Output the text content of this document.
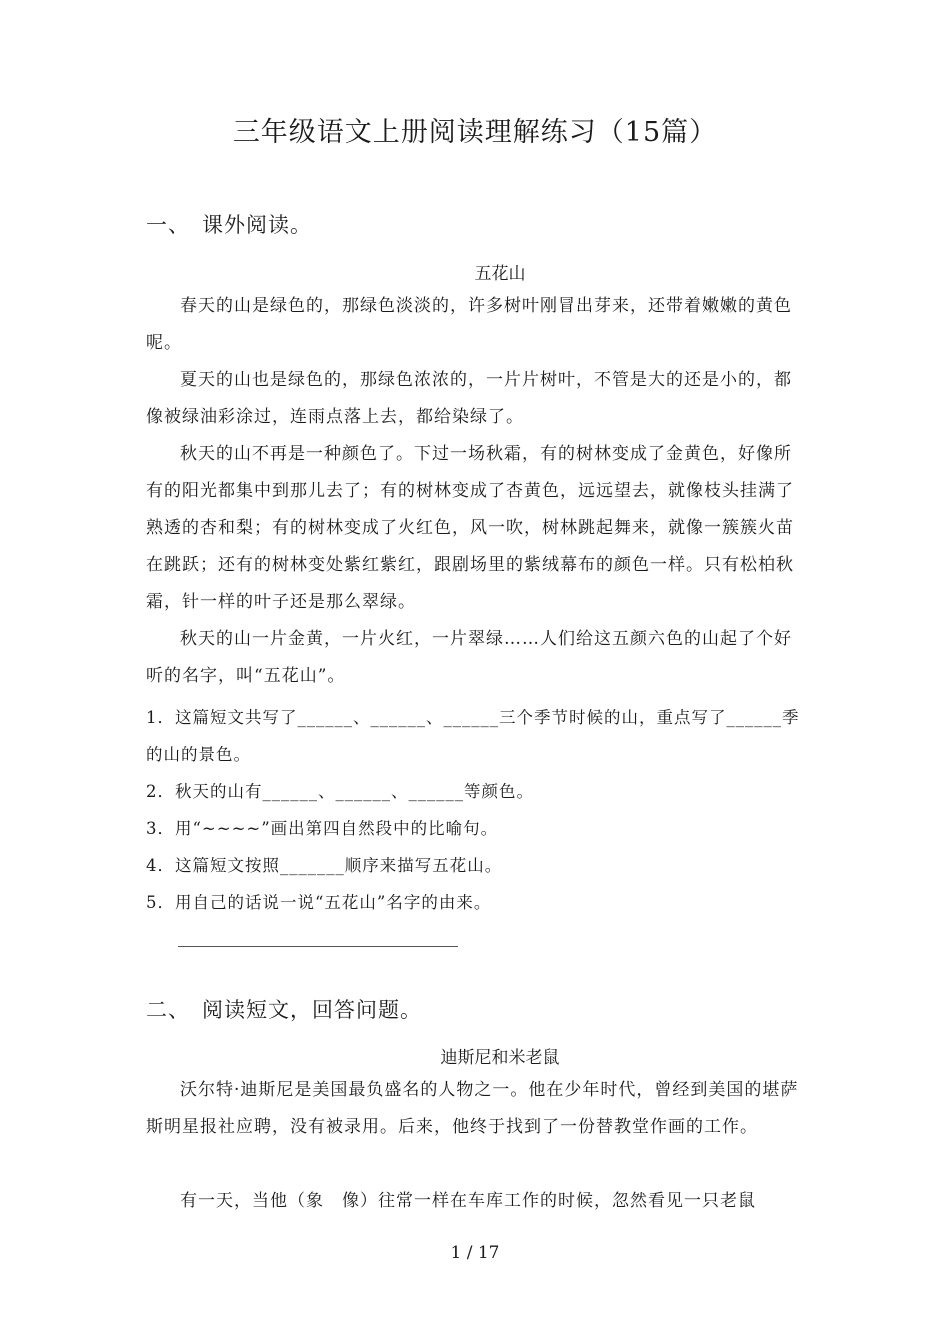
三年级语文上册阅读理解练习（15篇）
一、 课外阅读。
五花山

春天的山是绿色的，那绿色淡淡的，许多树叶刚冒出芽来，还带着嫩嫩的黄色呢。

夏天的山也是绿色的，那绿色浓浓的，一片片树叶，不管是大的还是小的，都像被绿油彩涂过，连雨点落上去，都给染绿了。

秋天的山不再是一种颜色了。下过一场秋霜，有的树林变成了金黄色，好像所有的阳光都集中到那儿去了；有的树林变成了杏黄色，远远望去，就像枝头挂满了熟透的杏和梨；有的树林变成了火红色，风一吹，树林跳起舞来，就像一簇簇火苗在跳跃；还有的树林变处紫红紫红，跟剧场里的紫绒幕布的颜色一样。只有松柏秋霜，针一样的叶子还是那么翠绿。

秋天的山一片金黄，一片火红，一片翠绿……人们给这五颜六色的山起了个好听的名字，叫“五花山”。

1．这篇短文共写了______、______、______三个季节时候的山，重点写了______季的山的景色。

2．秋天的山有______、______、______等颜色。

3．用“~~~~”画出第四自然段中的比喻句。

4．这篇短文按照_______顺序来描写五花山。

5．用自己的话说一说“五花山”名字的由来。

二、 阅读短文，回答问题。
迪斯尼和米老鼠

沃尔特·迪斯尼是美国最负盛名的人物之一。他在少年时代，曾经到美国的堪萨斯明星报社应聘，没有被录用。后来，他终于找到了一份替教堂作画的工作。

有一天，当他（象　像）往常一样在车库工作的时候，忽然看见一只老鼠

1 / 17
